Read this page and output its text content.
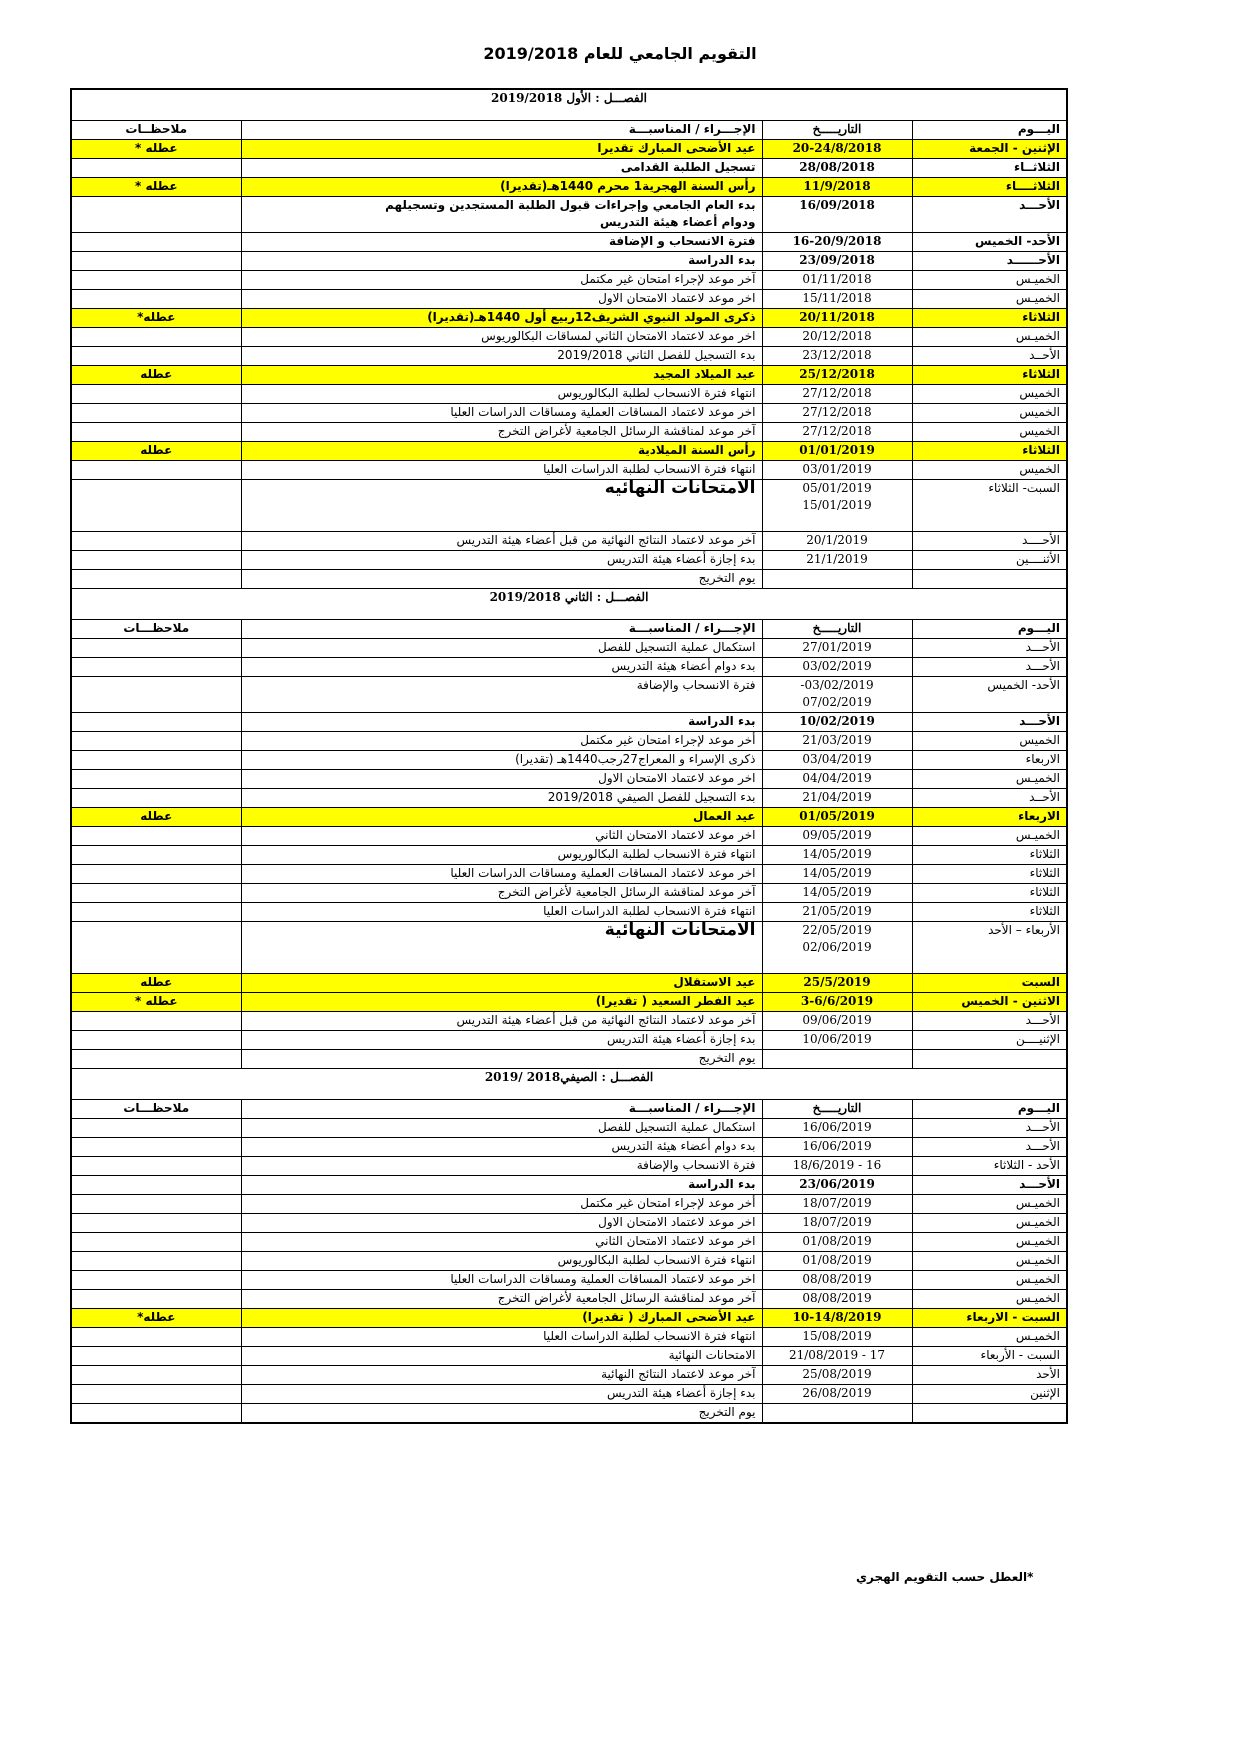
التقويم الجامعي للعام 2019/2018
الفصـــل : الأول 2019/2018			
اليـــوم	التاريـــــخ	الإجـــراء / المناسبـــة	ملاحظــات
الإثنين - الجمعة	20-24/8/2018	عيد الأضحى المبارك تقديرا	عطله *
الثلاثــاء	28/08/2018	تسجيل الطلبة القدامى	

الثلاثــــاء	11/9/2018	رأس السنة الهجرية1 محرم 1440هـ(تقديرا)	عطله *
الأحـــد	16/09/2018	بدء العام الجامعي وإجراءات قبول الطلبة المستجدين وتسجيلهم
ودوام أعضاء هيئة التدريس	

الأحد- الخميس	16-20/9/2018	فترة الانسحاب و الإضافة	

الأحــــــد	23/09/2018	بدء الدراسة	

الخميـس	01/11/2018	آخر موعد لإجراء امتحان غير مكتمل	

الخميـس	15/11/2018	اخر موعد لاعتماد الامتحان الاول	

الثلاثاء	20/11/2018	ذكرى المولد النبوي الشريف12ربيع أول 1440هـ(تقديرا)	عطله*
الخميـس	20/12/2018	اخر موعد لاعتماد الامتحان الثاني لمساقات البكالوريوس	

الأحــد	23/12/2018	بدء التسجيل للفصل الثاني 2019/2018	

الثلاثاء	25/12/2018	عيد الميلاد المجيد	عطله
الخميس	27/12/2018	انتهاء فترة الانسحاب لطلبة البكالوريوس	

الخميس	27/12/2018	اخر موعد لاعتماد المساقات العملية ومساقات الدراسات العليا	

الخميس	27/12/2018	آخر موعد لمناقشة الرسائل الجامعية لأغراض التخرج	

الثلاثاء	01/01/2019	رأس السنة الميلادية	عطله
الخميس	03/01/2019	انتهاء فترة الانسحاب لطلبة الدراسات العليا	

السبت- الثلاثاء	05/01/2019
15/01/2019	الامتحانات النهائيه	

الأحــــد	20/1/2019	آخر موعد لاعتماد النتائج النهائية من قبل أعضاء هيئة التدريس	

الأثنــــين	21/1/2019	بدء إجازة أعضاء هيئة التدريس	

		يوم التخريج	

الفصـــل : الثاني 2019/2018			
اليـــوم	التاريـــــخ	الإجـــراء / المناسبـــة	ملاحظـــات
الأحـــد	27/01/2019	استكمال عملية التسجيل للفصل	

الأحـــد	03/02/2019	بدء دوام أعضاء هيئة التدريس	

الأحد- الخميس	03/02/2019-
07/02/2019	فترة الانسحاب والإضافة	

الأحـــد	10/02/2019	بدء الدراسة	

الخميس	21/03/2019	أخر موعد لإجراء امتحان غير مكتمل	

الاربعاء	03/04/2019	ذكرى الإسراء و المعراج27رجب1440هـ (تقديرا)	

الخميـس	04/04/2019	اخر موعد لاعتماد الامتحان الاول	

الأحــد	21/04/2019	بدء التسجيل للفصل الصيفي 2019/2018	

الاربعاء	01/05/2019	عيد العمال	عطله
الخميـس	09/05/2019	اخر موعد لاعتماد الامتحان الثاني	

الثلاثاء	14/05/2019	انتهاء فترة الانسحاب لطلبة البكالوريوس	

الثلاثاء	14/05/2019	اخر موعد لاعتماد المساقات العملية ومساقات الدراسات العليا	

الثلاثاء	14/05/2019	آخر موعد لمناقشة الرسائل الجامعية لأغراض التخرج	

الثلاثاء	21/05/2019	انتهاء فترة الانسحاب لطلبة الدراسات العليا	

الأربعاء – الأحد	22/05/2019
02/06/2019	الامتحانات النهائية	

السبت	25/5/2019	عيد الاستقلال	عطله
الاثنين - الخميس	3-6/6/2019	عيد الفطر السعيد ( تقديرا)	عطله *
الأحـــد	09/06/2019	آخر موعد لاعتماد النتائج النهائية من قبل أعضاء هيئة التدريس	

الإثنيــــن	10/06/2019	بدء إجازة أعضاء هيئة التدريس	

		يوم التخريج	

الفصـــل : الصيفي2018 /2019			
اليـــوم	التاريـــــخ	الإجـــراء / المناسبـــة	ملاحظـــات
الأحـــد	16/06/2019	استكمال عملية التسجيل للفصل	

الأحـــد	16/06/2019	بدء دوام أعضاء هيئة التدريس	

الأحد - الثلاثاء	16 - 18/6/2019	فترة الانسحاب والإضافة	

الأحـــد	23/06/2019	بدء الدراسة	

الخميـس	18/07/2019	أخر موعد لإجراء امتحان غير مكتمل	

الخميـس	18/07/2019	اخر موعد لاعتماد الامتحان الاول	

الخميـس	01/08/2019	اخر موعد لاعتماد الامتحان الثاني	

الخميـس	01/08/2019	انتهاء فترة الانسحاب لطلبة البكالوريوس	

الخميـس	08/08/2019	اخر موعد لاعتماد المساقات العملية ومساقات الدراسات العليا	

الخميـس	08/08/2019	آخر موعد لمناقشة الرسائل الجامعية لأغراض التخرج	

السبت - الاربعاء	10-14/8/2019	عيد الأضحى المبارك ( تقديرا)	عطله*
الخميـس	15/08/2019	انتهاء فترة الانسحاب لطلبة الدراسات العليا	

السبت - الأربعاء	17 - 21/08/2019	الامتحانات النهائية	

الأحد	25/08/2019	آخر موعد لاعتماد النتائج النهائية	

الإثنين	26/08/2019	بدء إجازة أعضاء هيئة التدريس	

		يوم التخريج	

*العطل حسب التقويم الهجري
